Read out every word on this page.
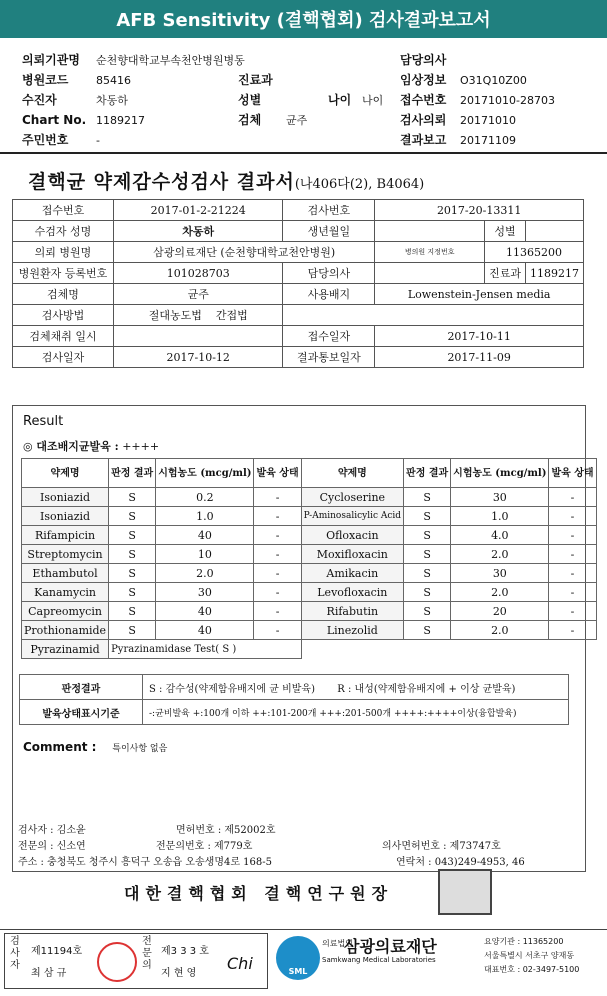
AFB Sensitivity (결핵협회) 검사결과보고서
의뢰기관명 순천향대학교부속천안병원병동	담당의사
병원코드	85416	진료과	임상정보 O31Q10Z00
수진자	차동하	성별	나이 나이 접수번호 20171010-28703
Chart No. 1189217	검체 균주	검사의뢰 20171010
주민번호	-	결과보고 20171109
결핵균 약제감수성검사 결과서(나406다(2), B4064)
접수번호	2017-01-2-21224	검사번호	2017-20-13311		
수검자 성명	차동하	생년월일		성별	
의뢰 병원명	삼광의료재단 (순천향대학교천안병원)		병의원 지정번호	11365200	
병원환자 등록번호	101028703	담당의사		진료과	1189217
검체명	균주	사용배지	Lowenstein-Jensen media		
검사방법	절대농도법 간접법				
검체채취 일시		접수일자	2017-10-11		
검사일자	2017-10-12	결과통보일자	2017-11-09		
Result
◎ 대조배지균발육 : ++++
약제명	판정 결과	시험농도 (mcg/ml)	발육 상태	약제명	판정 결과	시험농도 (mcg/ml)	발육 상태
Isoniazid	S	0.2	-	Cycloserine	S	30	-
Isoniazid	S	1.0	-	P-Aminosalicylic Acid	S	1.0	-
Rifampicin	S	40	-	Ofloxacin	S	4.0	-
Streptomycin	S	10	-	Moxifloxacin	S	2.0	-
Ethambutol	S	2.0	-	Amikacin	S	30	-
Kanamycin	S	30	-	Levofloxacin	S	2.0	-
Capreomycin	S	40	-	Rifabutin	S	20	-
Prothionamide	S	40	-	Linezolid	S	2.0	-
Pyrazinamid	Pyrazinamidase Test( S )						
판정결과	S : 감수성(약제함유배지에 균 비발육) R : 내성(약제함유배지에 + 이상 균발육)
발육상태표시기준	-:균비발육 +:100개 이하 ++:101-200개 +++:201-500개 ++++:++++이상(융합발육)
Comment : 특이사항 없음
검사자 : 김소윤	면허번호 : 제52002호
전문의 : 신소연	전문의번호 : 제779호	의사면허번호 : 제73747호
주소 : 충청북도 청주시 흥덕구 오송읍 오송생명4로 168-5	연락처 : 043)249-4953, 46
대한결핵협회 결핵연구원장
검사자
제11194호
최 삼 규
전문의
제3 3 3 호
지 현 영
Chi	SML
의료법인
삼광의료재단
Samkwang Medical Laboratories
요양기관 : 11365200
서울특별시 서초구 양재동
대표번호 : 02-3497-5100
